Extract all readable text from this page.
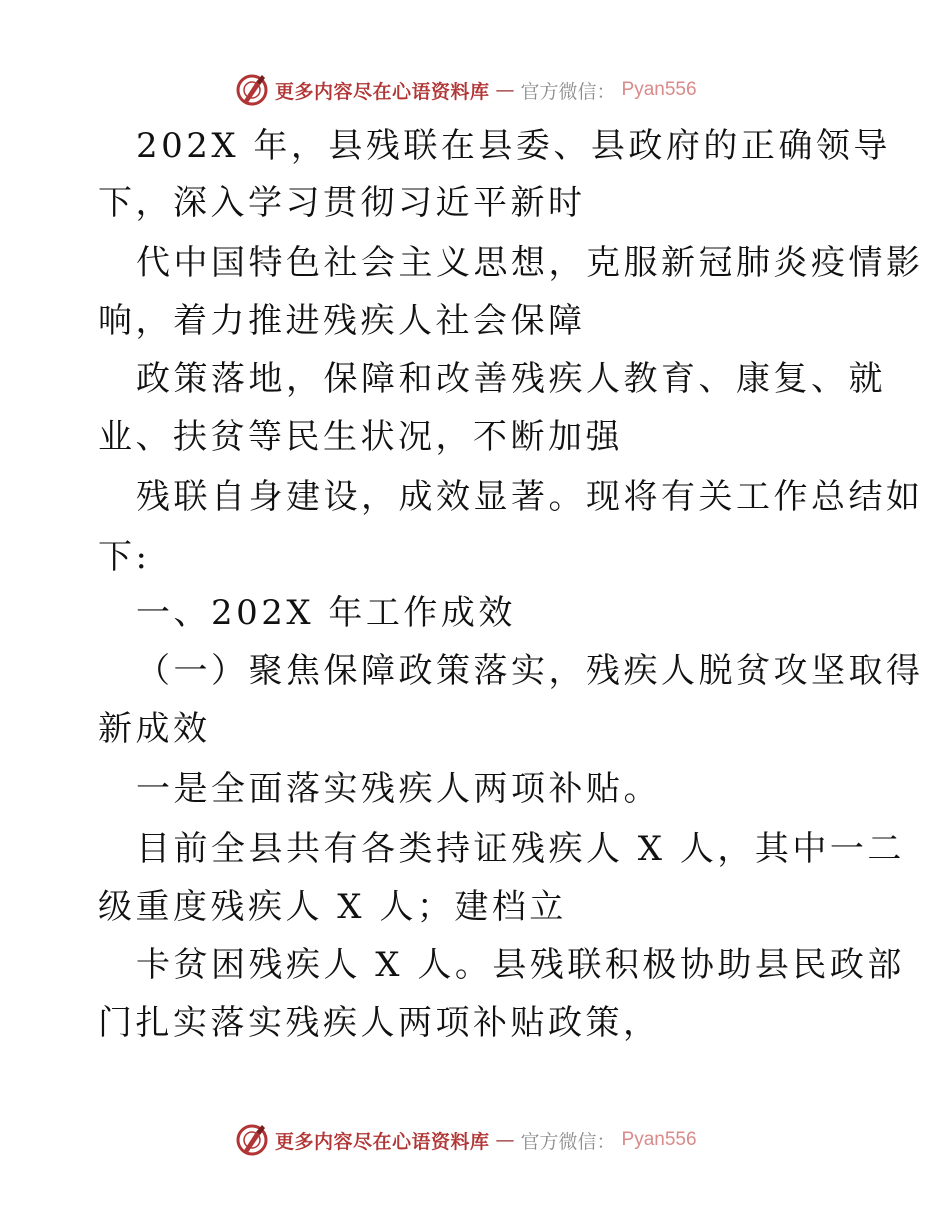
更多内容尽在心语资料库 — 官方微信： Pyan556
202X 年，县残联在县委、县政府的正确领导
下，深入学习贯彻习近平新时
代中国特色社会主义思想，克服新冠肺炎疫情影
响，着力推进残疾人社会保障
政策落地，保障和改善残疾人教育、康复、就
业、扶贫等民生状况，不断加强
残联自身建设，成效显著。现将有关工作总结如
下:
一、202X 年工作成效
（一）聚焦保障政策落实，残疾人脱贫攻坚取得
新成效
一是全面落实残疾人两项补贴。
目前全县共有各类持证残疾人 X 人，其中一二
级重度残疾人 X 人；建档立
卡贫困残疾人 X 人。县残联积极协助县民政部
门扎实落实残疾人两项补贴政策，
更多内容尽在心语资料库 — 官方微信： Pyan556
